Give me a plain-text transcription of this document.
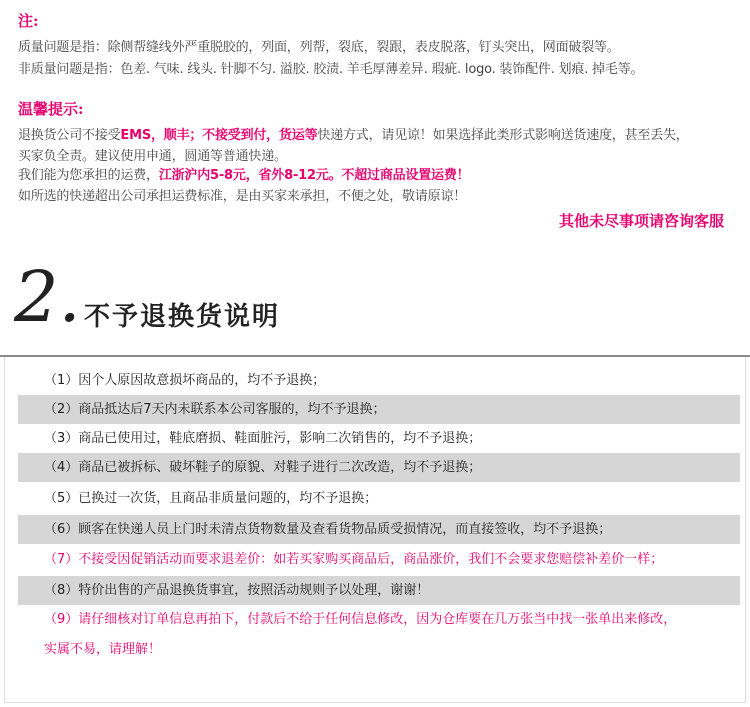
注:
质量问题是指：除侧帮缝线外严重脱胶的，列面，列帮，裂底，裂跟，表皮脱落，钉头突出，网面破裂等。
非质量问题是指：色差. 气味. 线头. 针脚不匀. 溢胶. 胶渍. 羊毛厚薄差异. 瑕疵. logo. 装饰配件. 划痕. 掉毛等。
温馨提示:
退换货公司不接受EMS，顺丰；不接受到付，货运等快递方式，请见谅！如果选择此类形式影响送货速度，甚至丢失，
买家负全责。建议使用申通，圆通等普通快递。
我们能为您承担的运费，江浙沪内5-8元，省外8-12元。不超过商品设置运费！
如所选的快递超出公司承担运费标准，是由买家来承担，不便之处，敬请原谅！
其他未尽事项请咨询客服
2. 不予退换货说明
（1）因个人原因故意损坏商品的，均不予退换；
（2）商品抵达后7天内未联系本公司客服的，均不予退换；
（3）商品已使用过，鞋底磨损、鞋面脏污，影响二次销售的，均不予退换；
（4）商品已被拆标、破坏鞋子的原貌、对鞋子进行二次改造，均不予退换；
（5）已换过一次货，且商品非质量问题的，均不予退换；
（6）顾客在快递人员上门时未清点货物数量及查看货物品质受损情况，而直接签收，均不予退换；
（7）不接受因促销活动而要求退差价：如若买家购买商品后，商品涨价，我们不会要求您赔偿补差价一样；
（8）特价出售的产品退换货事宜，按照活动规则予以处理，谢谢！
（9）请仔细核对订单信息再拍下，付款后不给于任何信息修改，因为仓库要在几万张当中找一张单出来修改，
实属不易，请理解！
